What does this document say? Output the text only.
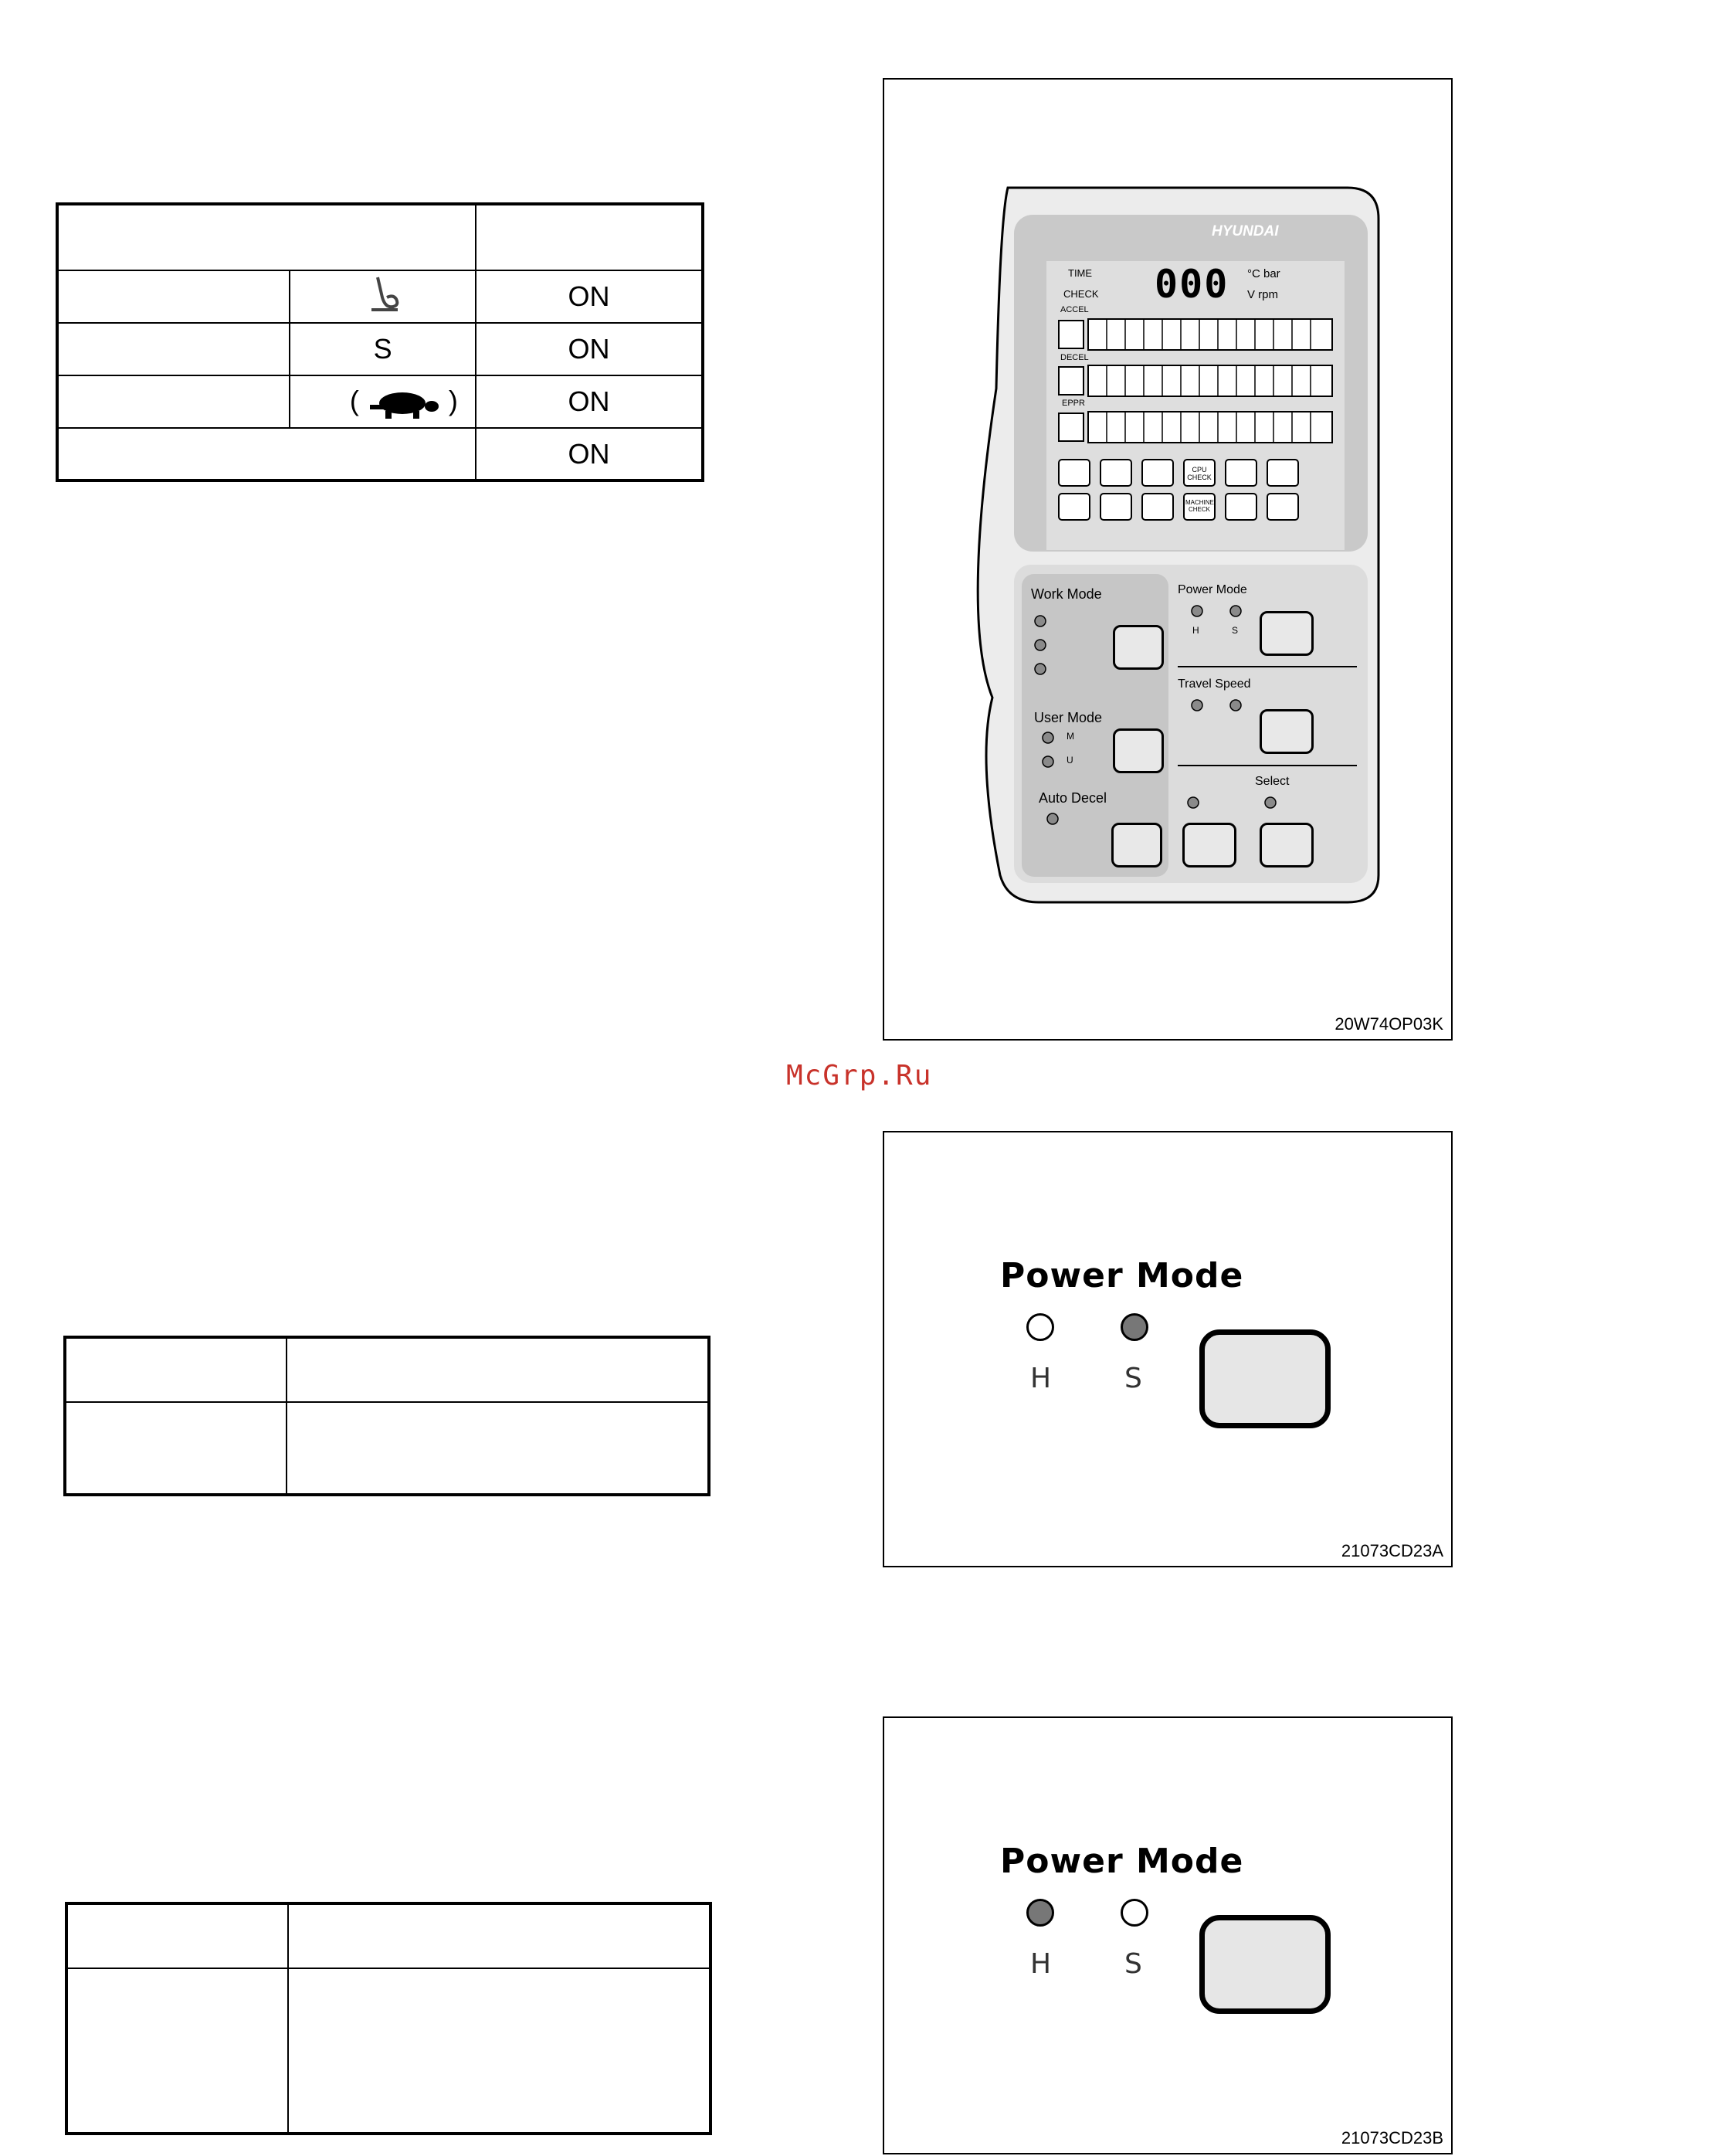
		ON
	S	ON
	( )	ON
		ON
HYUNDAI
TIME
CHECK 000 °C bar
V rpm
ACCEL
DECEL
EPPR
CPU CHECK
MACHINE CHECK
Work Mode	Power Mode
H	S
Travel Speed
User Mode
M
U
Auto Decel
Select
20W74OP03K
McGrp.Ru
Power Mode
H	S
21073CD23A
Power Mode
H	S
21073CD23B
